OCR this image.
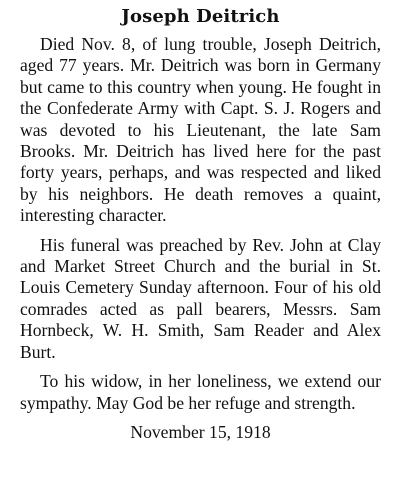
Joseph Deitrich

Died Nov. 8, of lung trouble, Joseph Deitrich, aged 77 years. Mr. Deitrich was born in Germany but came to this country when young. He fought in the Confederate Army with Capt. S. J. Rogers and was devoted to his Lieutenant, the late Sam Brooks. Mr. Deitrich has lived here for the past forty years, perhaps, and was respected and liked by his neighbors. He death removes a quaint, interesting character.

His funeral was preached by Rev. John at Clay and Market Street Church and the burial in St. Louis Cemetery Sunday afternoon. Four of his old comrades acted as pall bearers, Messrs. Sam Hornbeck, W. H. Smith, Sam Reader and Alex Burt.

To his widow, in her loneliness, we extend our sympathy. May God be her refuge and strength.

November 15, 1918
